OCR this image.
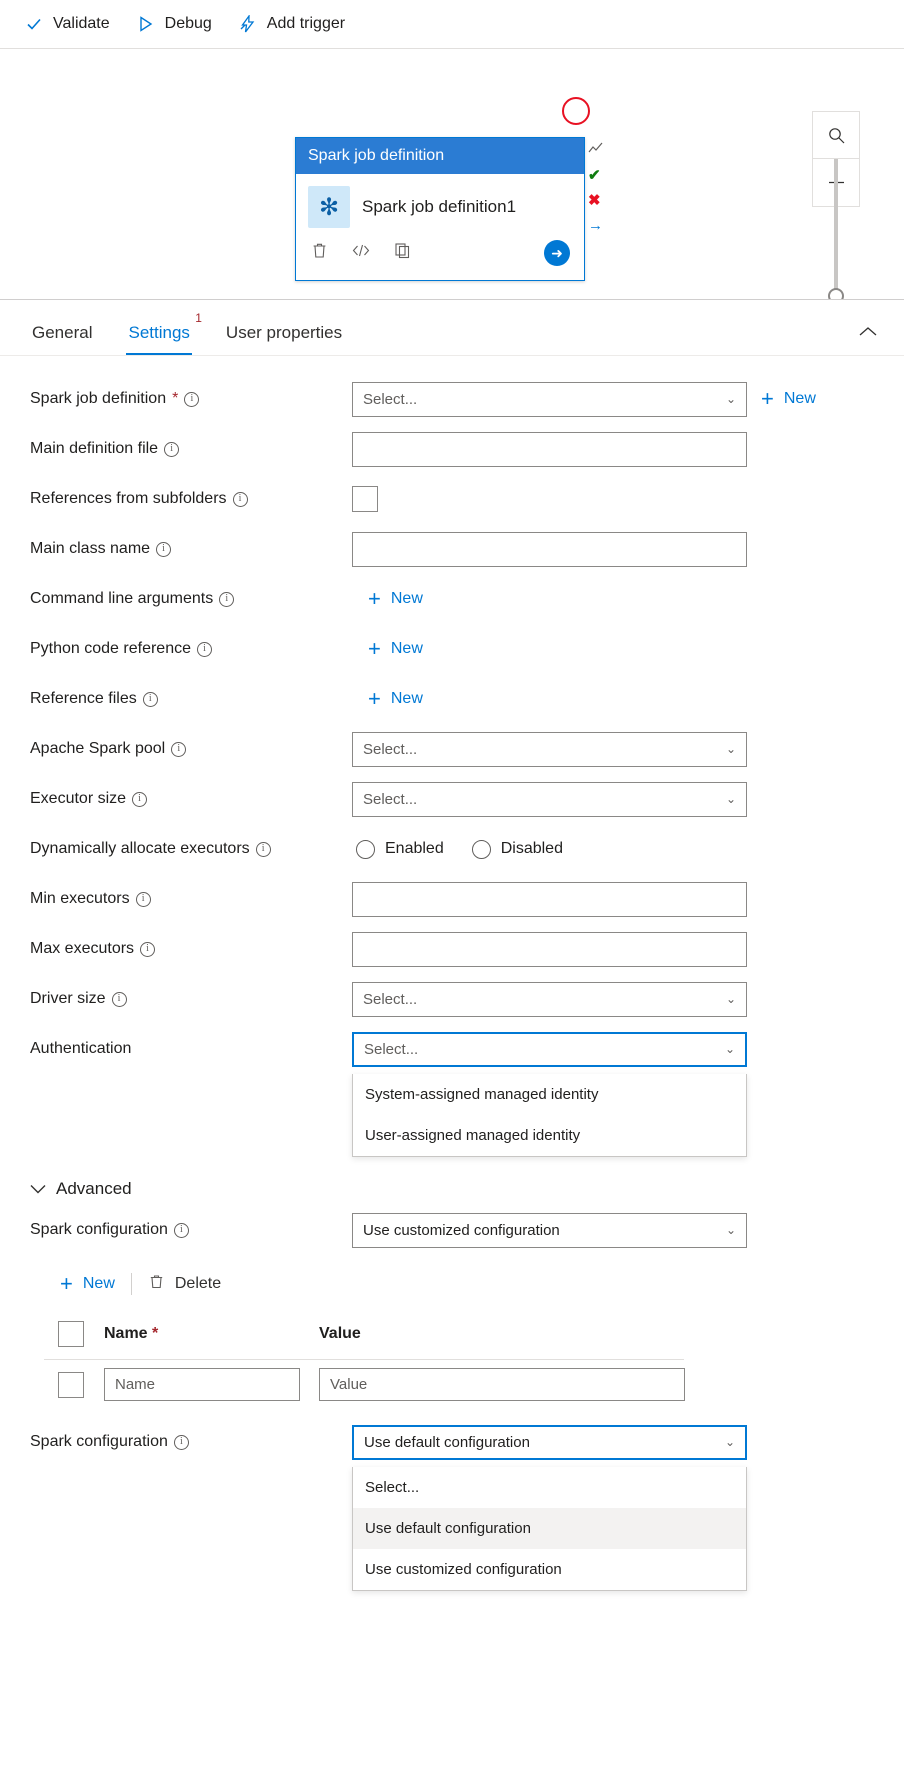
Validate	Debug	Add trigger
Spark job definition
✻	Spark job definition1
➜
✔
✖
→
General Settings
1
User properties
Spark job definition *	i	Select...	⌄ + New
Main definition file	i
References from subfolders	i
Main class name	i
Command line arguments	i	+ New
Python code reference	i	+ New
Reference files	i	+ New
Apache Spark pool	i	Select...	⌄
Executor size	i	Select...	⌄
Dynamically allocate executors	i	Enabled	Disabled
Min executors	i
Max executors	i
Driver size	i	Select...	⌄
Authentication	Select...	⌄
System-assigned managed identity
User-assigned managed identity
Advanced
Spark configuration	i	Use customized configuration	⌄
+ New	Delete
Name *	Value
Name	Value
Spark configuration	i	Use default configuration	⌄
Select...
Use default configuration
Use customized configuration
